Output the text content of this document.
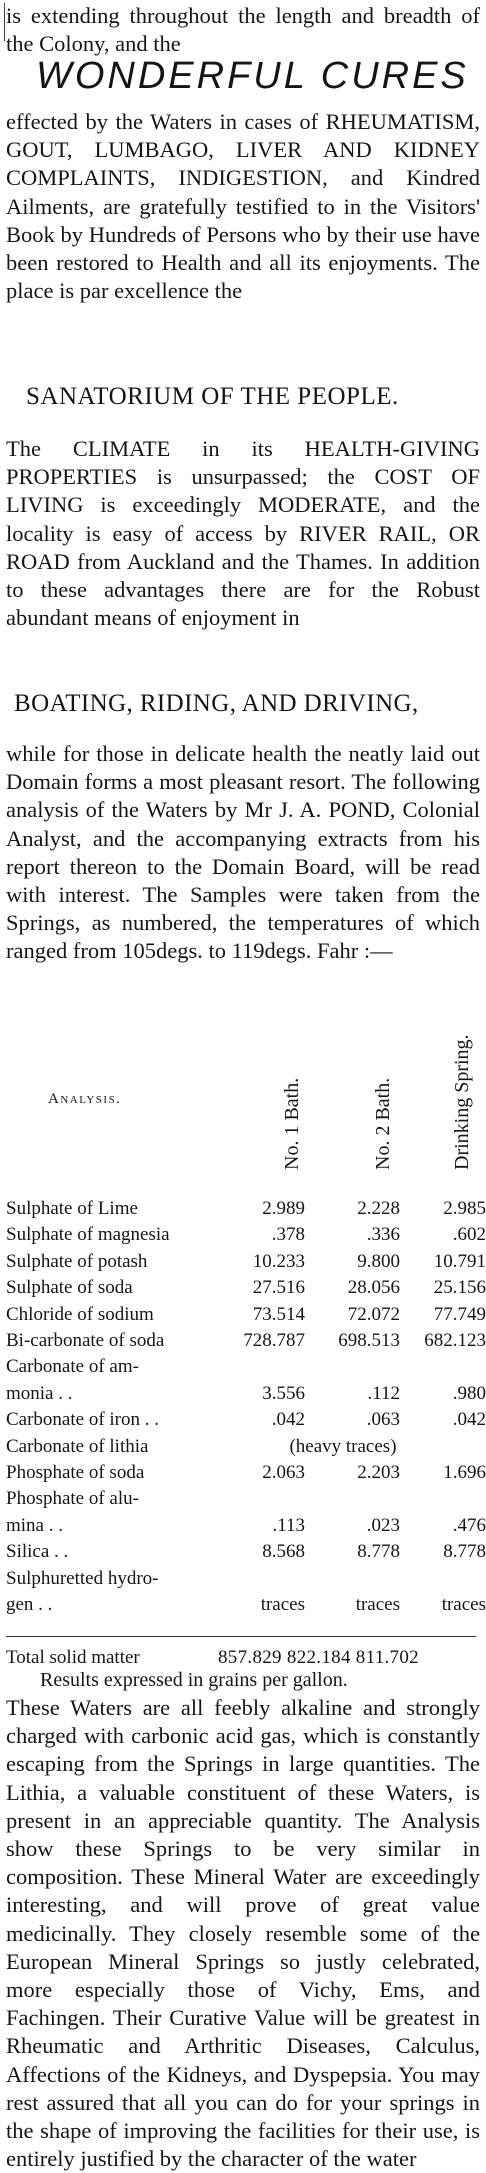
is extending throughout the length and breadth of the Colony, and the

WONDERFUL CURES

effected by the Waters in cases of RHEUMATISM, GOUT, LUMBAGO, LIVER AND KIDNEY COMPLAINTS, INDIGESTION, and Kindred Ailments, are gratefully testified to in the Visitors' Book by Hundreds of Persons who by their use have been restored to Health and all its enjoyments. The place is par excellence the

SANATORIUM OF THE PEOPLE.

The CLIMATE in its HEALTH-GIVING PROPERTIES is unsurpassed; the COST OF LIVING is exceedingly MODERATE, and the locality is easy of access by RIVER RAIL, OR ROAD from Auckland and the Thames. In addition to these advantages there are for the Robust abundant means of enjoyment in

BOATING, RIDING, AND DRIVING,

while for those in delicate health the neatly laid out Domain forms a most pleasant resort. The following analysis of the Waters by Mr J. A. POND, Colonial Analyst, and the accompanying extracts from his report thereon to the Domain Board, will be read with interest. The Samples were taken from the Springs, as numbered, the temperatures of which ranged from 105degs. to 119degs. Fahr :—

Analysis.	No. 1 Bath.	No. 2 Bath.	Drinking Spring.
Sulphate of Lime	2.989	2.228	2.985
Sulphate of magnesia	.378	.336	.602
Sulphate of potash	10.233	9.800	10.791
Sulphate of soda	27.516	28.056	25.156
Chloride of sodium	73.514	72.072	77.749
Bi-carbonate of soda	728.787	698.513	682.123
Carbonate of am-
monia . .	3.556	.112	.980
Carbonate of iron . .	.042	.063	.042
Carbonate of lithia	(heavy traces)
Phosphate of soda	2.063	2.203	1.696
Phosphate of alu-
mina . .	.113	.023	.476
Silica . .	8.568	8.778	8.778
Sulphuretted hydro-
gen . .	traces	traces	traces
Total solid matter	857.829 822.184 811.702
Results expressed in grains per gallon.

These Waters are all feebly alkaline and strongly charged with carbonic acid gas, which is constantly escaping from the Springs in large quantities. The Lithia, a valuable constituent of these Waters, is present in an appreciable quantity. The Analysis show these Springs to be very similar in composition. These Mineral Water are exceedingly interesting, and will prove of great value medicinally. They closely resemble some of the European Mineral Springs so justly celebrated, more especially those of Vichy, Ems, and Fachingen. Their Curative Value will be greatest in Rheumatic and Arthritic Diseases, Calculus, Affections of the Kidneys, and Dyspepsia. You may rest assured that all you can do for your springs in the shape of improving the facilities for their use, is entirely justified by the character of the water
